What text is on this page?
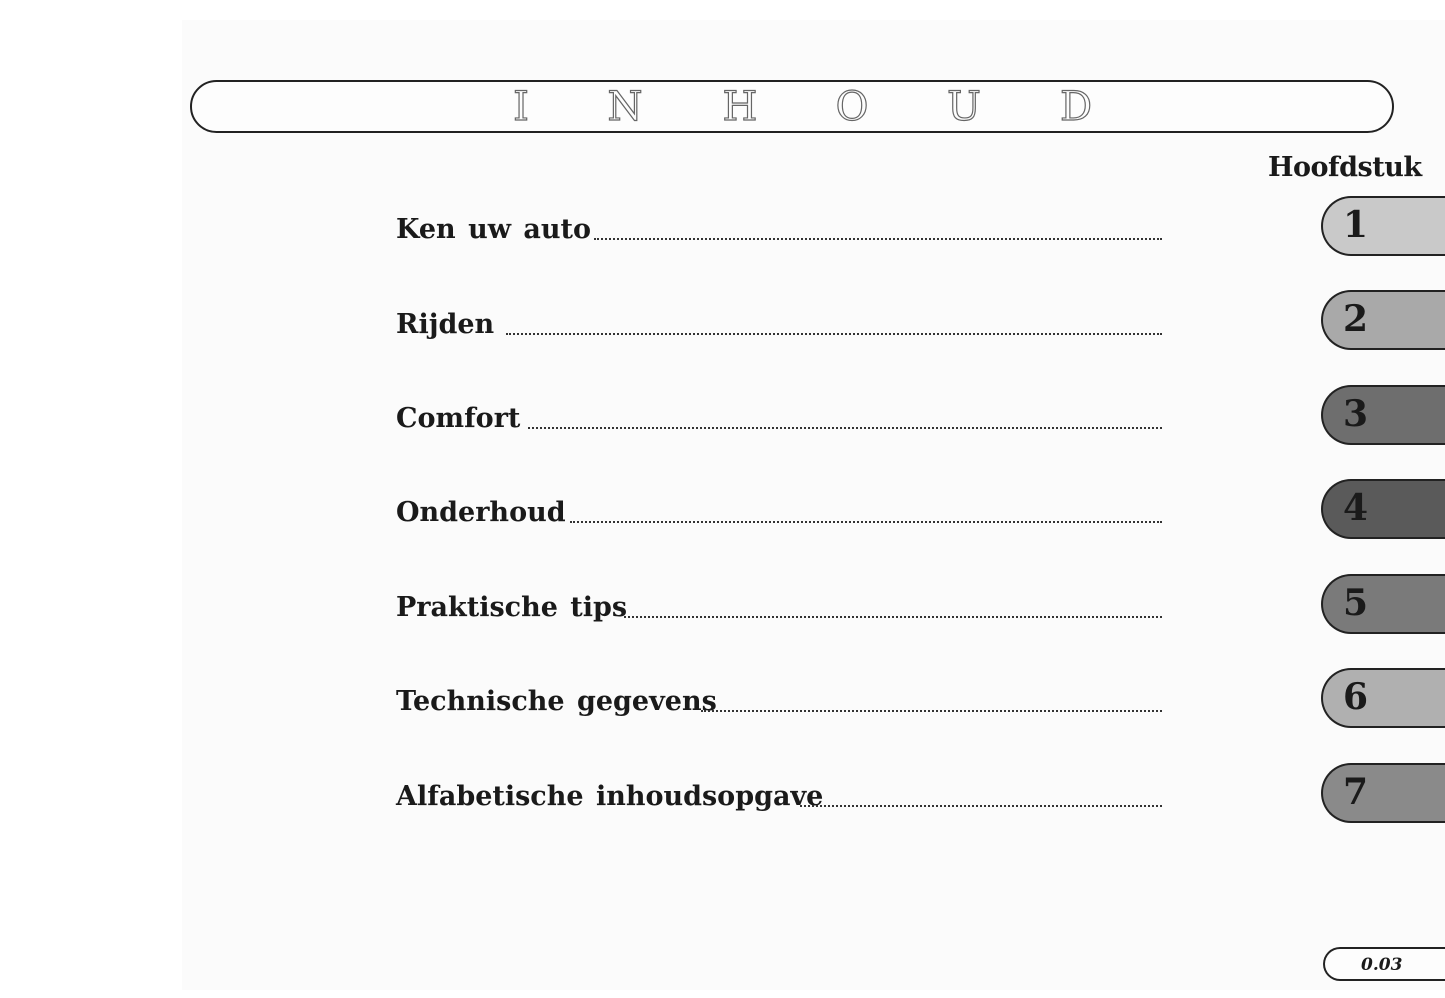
I	N H O U D
Hoofdstuk
Ken uw auto
Rijden
Comfort
Onderhoud
Praktische tips
Technische gegevens
Alfabetische inhoudsopgave
1
2
3
4
5
6
7
0.03
